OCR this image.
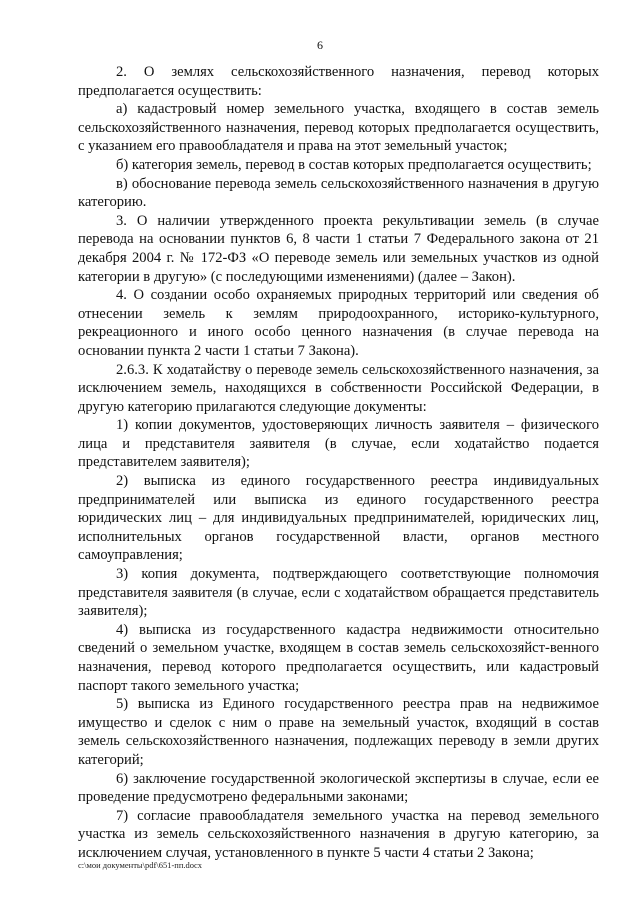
6

2. О землях сельскохозяйственного назначения, перевод которых предполагается осуществить:

а) кадастровый номер земельного участка, входящего в состав земель сельскохозяйственного назначения, перевод которых предполагается осуществить, с указанием его правообладателя и права на этот земельный участок;

б) категория земель, перевод в состав которых предполагается осуществить;

в) обоснование перевода земель сельскохозяйственного назначения в другую категорию.

3. О наличии утвержденного проекта рекультивации земель (в случае перевода на основании пунктов 6, 8 части 1 статьи 7 Федерального закона от 21 декабря 2004 г. № 172-ФЗ «О переводе земель или земельных участков из одной категории в другую» (с последующими изменениями) (далее – Закон).

4. О создании особо охраняемых природных территорий или сведения об отнесении земель к землям природоохранного, историко-культурного, рекреационного и иного особо ценного назначения (в случае перевода на основании пункта 2 части 1 статьи 7 Закона).

2.6.3. К ходатайству о переводе земель сельскохозяйственного назначения, за исключением земель, находящихся в собственности Российской Федерации, в другую категорию прилагаются следующие документы:

1) копии документов, удостоверяющих личность заявителя – физического лица и представителя заявителя (в случае, если ходатайство подается представителем заявителя);

2) выписка из единого государственного реестра индивидуальных предпринимателей или выписка из единого государственного реестра юридических лиц – для индивидуальных предпринимателей, юридических лиц, исполнительных органов государственной власти, органов местного самоуправления;

3) копия документа, подтверждающего соответствующие полномочия представителя заявителя (в случае, если с ходатайством обращается представитель заявителя);

4) выписка из государственного кадастра недвижимости относительно сведений о земельном участке, входящем в состав земель сельскохозяйст-венного назначения, перевод которого предполагается осуществить, или кадастровый паспорт такого земельного участка;

5) выписка из Единого государственного реестра прав на недвижимое имущество и сделок с ним о праве на земельный участок, входящий в состав земель сельскохозяйственного назначения, подлежащих переводу в земли других категорий;

6) заключение государственной экологической экспертизы в случае, если ее проведение предусмотрено федеральными законами;

7) согласие правообладателя земельного участка на перевод земельного участка из земель сельскохозяйственного назначения в другую категорию, за исключением случая, установленного в пункте 5 части 4 статьи 2 Закона;

c:\мои документы\pdf\651-пп.docx
